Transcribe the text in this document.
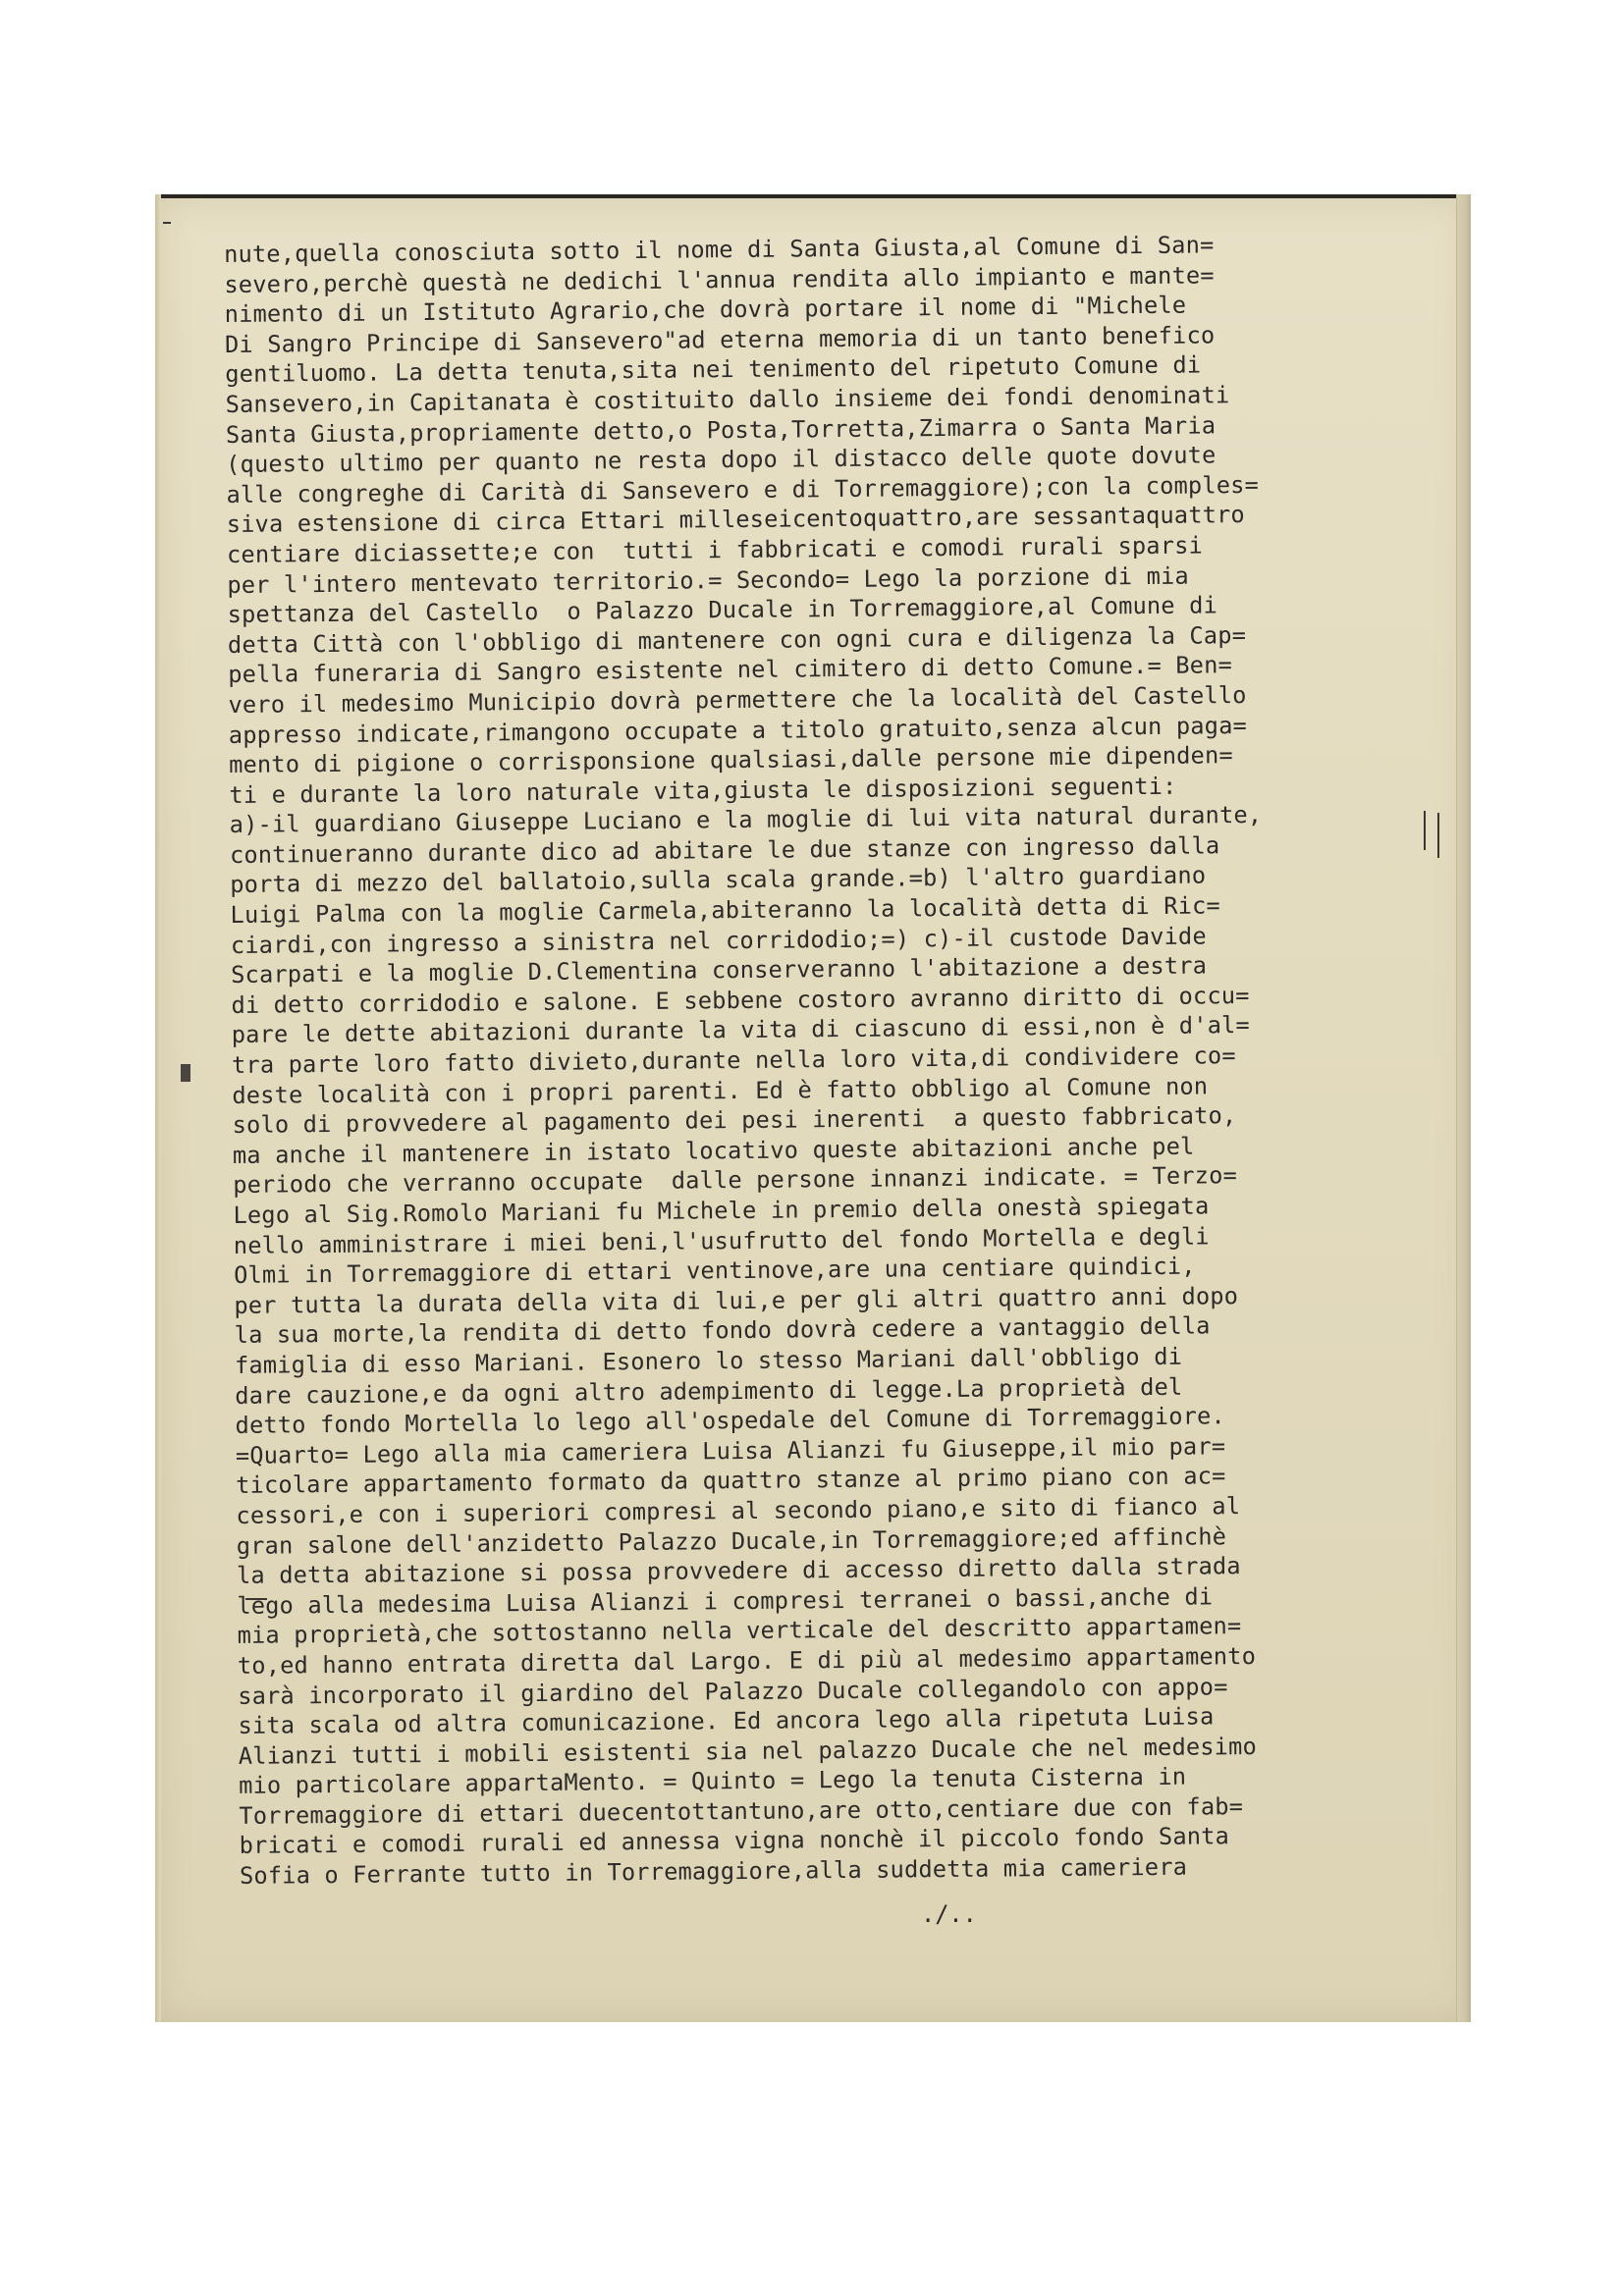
nute,quella conosciuta sotto il nome di Santa Giusta,al Comune di San=
severo,perchè questà ne dedichi l'annua rendita allo impianto e mante=
nimento di un Istituto Agrario,che dovrà portare il nome di "Michele
Di Sangro Principe di Sansevero"ad eterna memoria di un tanto benefico
gentiluomo. La detta tenuta,sita nei tenimento del ripetuto Comune di
Sansevero,in Capitanata è costituito dallo insieme dei fondi denominati
Santa Giusta,propriamente detto,o Posta,Torretta,Zimarra o Santa Maria
(questo ultimo per quanto ne resta dopo il distacco delle quote dovute
alle congreghe di Carità di Sansevero e di Torremaggiore);con la comples=
siva estensione di circa Ettari milleseicentoquattro,are sessantaquattro
centiare diciassette;e con  tutti i fabbricati e comodi rurali sparsi
per l'intero mentevato territorio.= Secondo= Lego la porzione di mia
spettanza del Castello  o Palazzo Ducale in Torremaggiore,al Comune di
detta Città con l'obbligo di mantenere con ogni cura e diligenza la Cap=
pella funeraria di Sangro esistente nel cimitero di detto Comune.= Ben=
vero il medesimo Municipio dovrà permettere che la località del Castello
appresso indicate,rimangono occupate a titolo gratuito,senza alcun paga=
mento di pigione o corrisponsione qualsiasi,dalle persone mie dipenden=
ti e durante la loro naturale vita,giusta le disposizioni seguenti:
a)-il guardiano Giuseppe Luciano e la moglie di lui vita natural durante,
continueranno durante dico ad abitare le due stanze con ingresso dalla
porta di mezzo del ballatoio,sulla scala grande.=b) l'altro guardiano
Luigi Palma con la moglie Carmela,abiteranno la località detta di Ric=
ciardi,con ingresso a sinistra nel corridodio;=) c)-il custode Davide
Scarpati e la moglie D.Clementina conserveranno l'abitazione a destra
di detto corridodio e salone. E sebbene costoro avranno diritto di occu=
pare le dette abitazioni durante la vita di ciascuno di essi,non è d'al=
tra parte loro fatto divieto,durante nella loro vita,di condividere co=
deste località con i propri parenti. Ed è fatto obbligo al Comune non
solo di provvedere al pagamento dei pesi inerenti  a questo fabbricato,
ma anche il mantenere in istato locativo queste abitazioni anche pel
periodo che verranno occupate  dalle persone innanzi indicate. = Terzo=
Lego al Sig.Romolo Mariani fu Michele in premio della onestà spiegata
nello amministrare i miei beni,l'usufrutto del fondo Mortella e degli
Olmi in Torremaggiore di ettari ventinove,are una centiare quindici,
per tutta la durata della vita di lui,e per gli altri quattro anni dopo
la sua morte,la rendita di detto fondo dovrà cedere a vantaggio della
famiglia di esso Mariani. Esonero lo stesso Mariani dall'obbligo di
dare cauzione,e da ogni altro adempimento di legge.La proprietà del
detto fondo Mortella lo lego all'ospedale del Comune di Torremaggiore.
=Quarto= Lego alla mia cameriera Luisa Alianzi fu Giuseppe,il mio par=
ticolare appartamento formato da quattro stanze al primo piano con ac=
cessori,e con i superiori compresi al secondo piano,e sito di fianco al
gran salone dell'anzidetto Palazzo Ducale,in Torremaggiore;ed affinchè
la detta abitazione si possa provvedere di accesso diretto dalla strada
lego alla medesima Luisa Alianzi i compresi terranei o bassi,anche di
mia proprietà,che sottostanno nella verticale del descritto appartamen=
to,ed hanno entrata diretta dal Largo. E di più al medesimo appartamento
sarà incorporato il giardino del Palazzo Ducale collegandolo con appo=
sita scala od altra comunicazione. Ed ancora lego alla ripetuta Luisa
Alianzi tutti i mobili esistenti sia nel palazzo Ducale che nel medesimo
mio particolare appartaMento. = Quinto = Lego la tenuta Cisterna in
Torremaggiore di ettari duecentottantuno,are otto,centiare due con fab=
bricati e comodi rurali ed annessa vigna nonchè il piccolo fondo Santa
Sofia o Ferrante tutto in Torremaggiore,alla suddetta mia cameriera
./..
